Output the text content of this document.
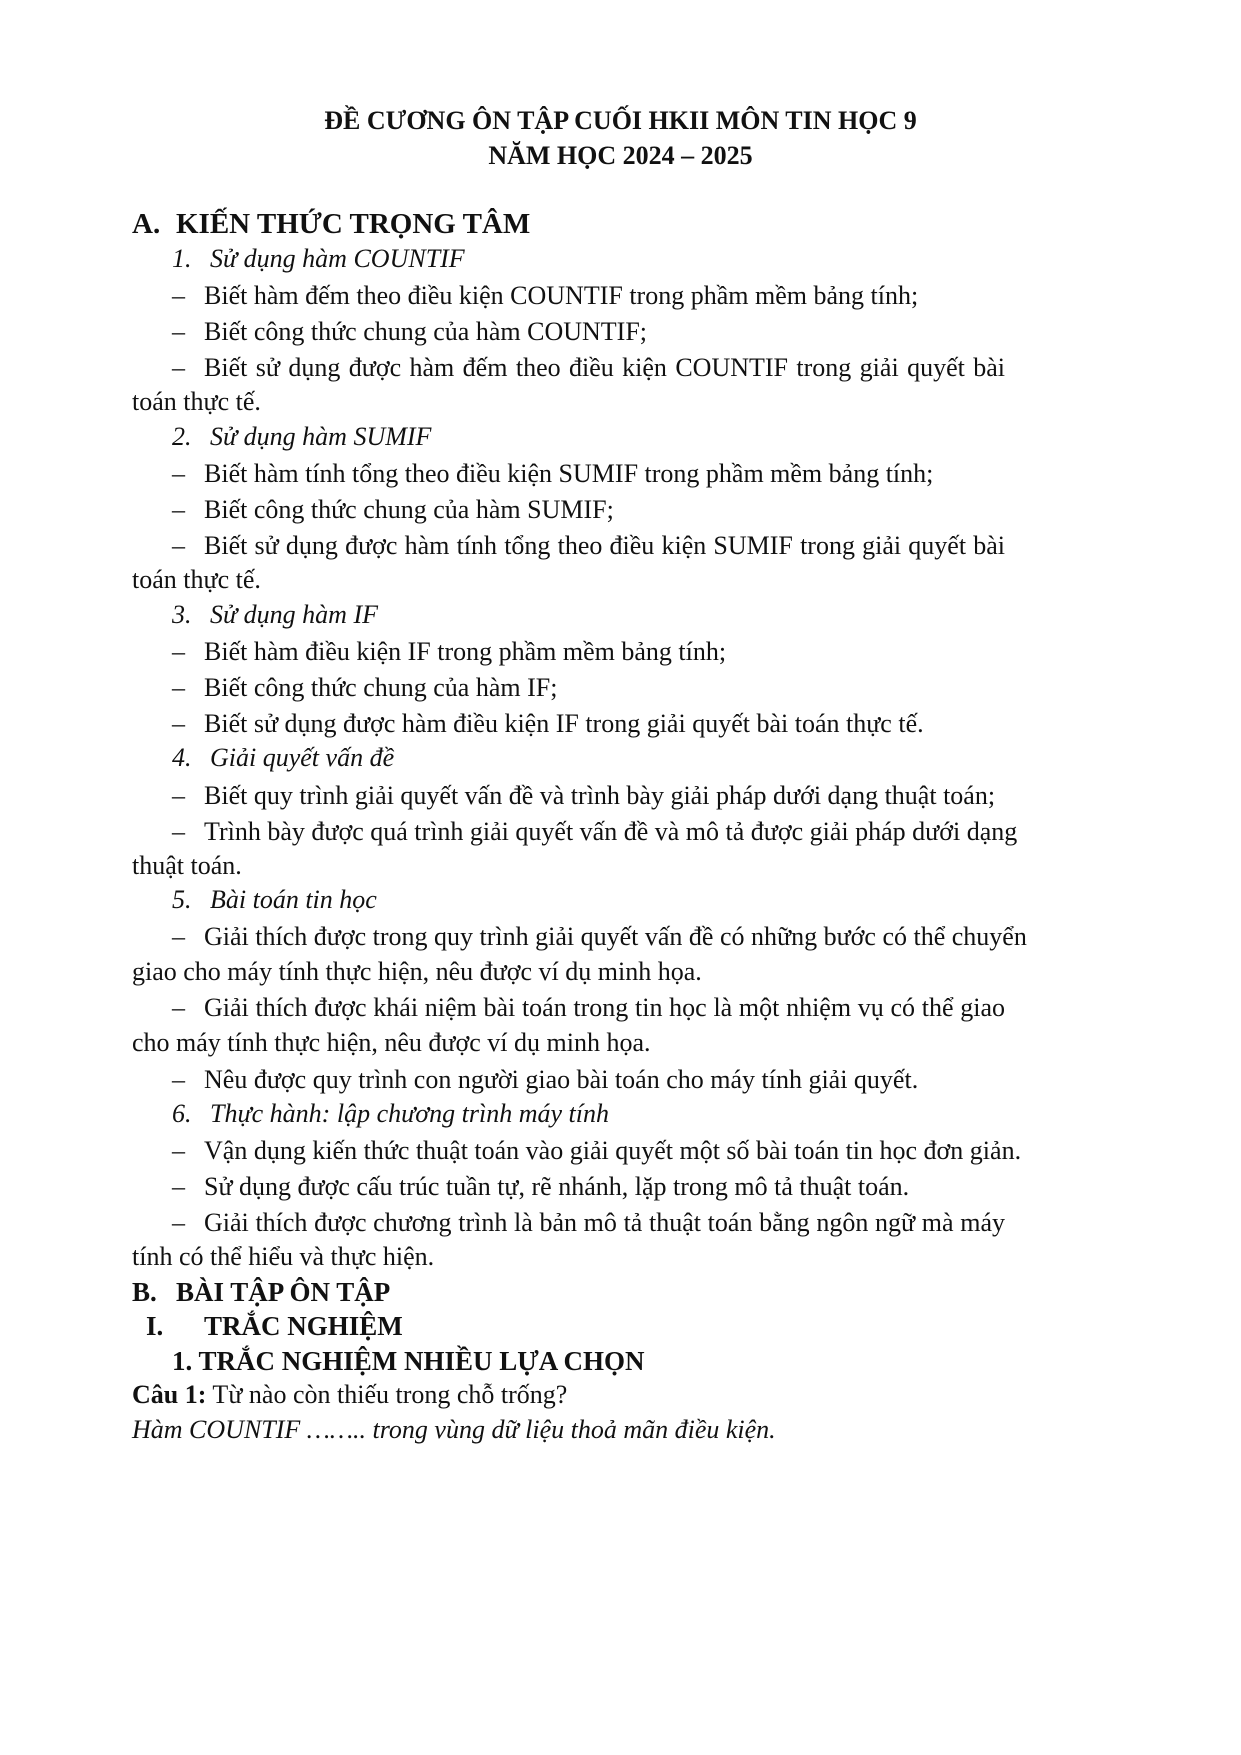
ĐỀ CƯƠNG ÔN TẬP CUỐI HKII MÔN TIN HỌC 9
NĂM HỌC 2024 – 2025
A. KIẾN THỨC TRỌNG TÂM
1. Sử dụng hàm COUNTIF
– Biết hàm đếm theo điều kiện COUNTIF trong phầm mềm bảng tính;
– Biết công thức chung của hàm COUNTIF;
– Biết sử dụng được hàm đếm theo điều kiện COUNTIF trong giải quyết bài
toán thực tế.
2. Sử dụng hàm SUMIF
– Biết hàm tính tổng theo điều kiện SUMIF trong phầm mềm bảng tính;
– Biết công thức chung của hàm SUMIF;
– Biết sử dụng được hàm tính tổng theo điều kiện SUMIF trong giải quyết bài
toán thực tế.
3. Sử dụng hàm IF
– Biết hàm điều kiện IF trong phầm mềm bảng tính;
– Biết công thức chung của hàm IF;
– Biết sử dụng được hàm điều kiện IF trong giải quyết bài toán thực tế.
4. Giải quyết vấn đề
– Biết quy trình giải quyết vấn đề và trình bày giải pháp dưới dạng thuật toán;
– Trình bày được quá trình giải quyết vấn đề và mô tả được giải pháp dưới dạng
thuật toán.
5. Bài toán tin học
– Giải thích được trong quy trình giải quyết vấn đề có những bước có thể chuyển
giao cho máy tính thực hiện, nêu được ví dụ minh họa.
– Giải thích được khái niệm bài toán trong tin học là một nhiệm vụ có thể giao
cho máy tính thực hiện, nêu được ví dụ minh họa.
– Nêu được quy trình con người giao bài toán cho máy tính giải quyết.
6. Thực hành: lập chương trình máy tính
– Vận dụng kiến thức thuật toán vào giải quyết một số bài toán tin học đơn giản.
– Sử dụng được cấu trúc tuần tự, rẽ nhánh, lặp trong mô tả thuật toán.
– Giải thích được chương trình là bản mô tả thuật toán bằng ngôn ngữ mà máy
tính có thể hiểu và thực hiện.
B. BÀI TẬP ÔN TẬP
I. TRẮC NGHIỆM
1. TRẮC NGHIỆM NHIỀU LỰA CHỌN
Câu 1: Từ nào còn thiếu trong chỗ trống?
Hàm COUNTIF …….. trong vùng dữ liệu thoả mãn điều kiện.
